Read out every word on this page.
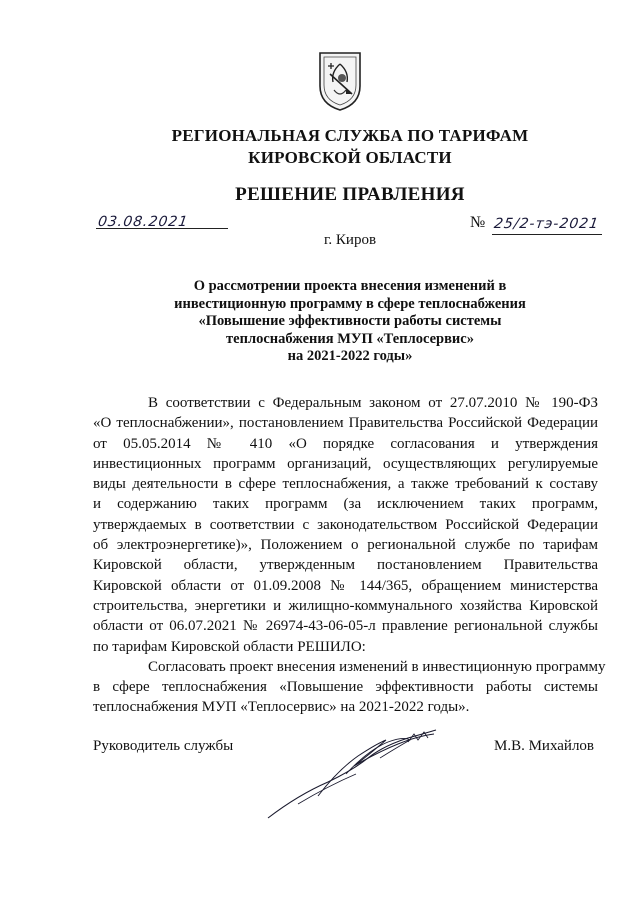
РЕГИОНАЛЬНАЯ СЛУЖБА ПО ТАРИФАМ
КИРОВСКОЙ ОБЛАСТИ
РЕШЕНИЕ ПРАВЛЕНИЯ
03.08.2021	№ 25/2-тэ-2021
г. Киров
О рассмотрении проекта внесения изменений в
инвестиционную программу в сфере теплоснабжения
«Повышение эффективности работы системы
теплоснабжения МУП «Теплосервис»
на 2021-2022 годы»
В соответствии с Федеральным законом от 27.07.2010 № 190-ФЗ
«О теплоснабжении», постановлением Правительства Российской Федерации
от 05.05.2014 № 410 «О порядке согласования и утверждения
инвестиционных программ организаций, осуществляющих регулируемые
виды деятельности в сфере теплоснабжения, а также требований к составу
и содержанию таких программ (за исключением таких программ,
утверждаемых в соответствии с законодательством Российской Федерации
об электроэнергетике)», Положением о региональной службе по тарифам
Кировской области, утвержденным постановлением Правительства
Кировской области от 01.09.2008 № 144/365, обращением министерства
строительства, энергетики и жилищно-коммунального хозяйства Кировской
области от 06.07.2021 № 26974-43-06-05-л правление региональной службы
по тарифам Кировской области РЕШИЛО:
Согласовать проект внесения изменений в инвестиционную программу
в сфере теплоснабжения «Повышение эффективности работы системы
теплоснабжения МУП «Теплосервис» на 2021-2022 годы».
Руководитель службы	М.В. Михайлов
